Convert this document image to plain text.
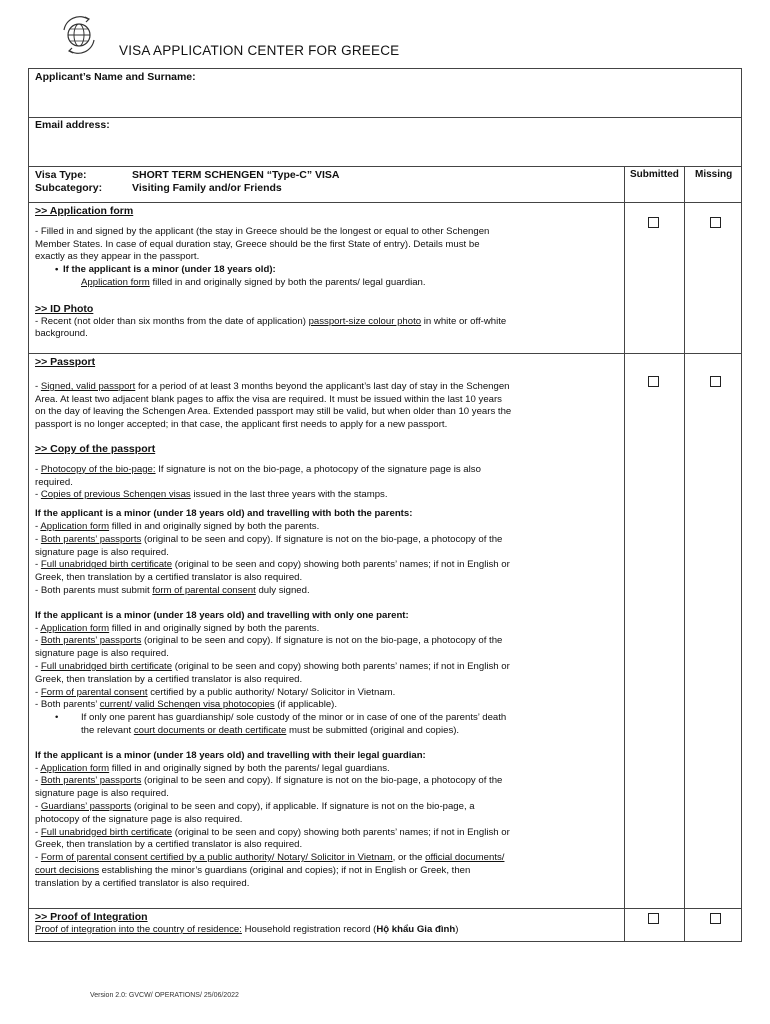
VISA APPLICATION CENTER FOR GREECE
Applicant’s Name and Surname:
Email address:
Visa Type:	SHORT TERM SCHENGEN “Type-C” VISA
Subcategory:	Visiting Family and/or Friends
Submitted Missing

>> Application form

- Filled in and signed by the applicant (the stay in Greece should be the longest or equal to other Schengen

Member States. In case of equal duration stay, Greece should be the first State of entry). Details must be

exactly as they appear in the passport.

• If the applicant is a minor (under 18 years old):

Application form filled in and originally signed by both the parents/ legal guardian.

>> ID Photo

- Recent (not older than six months from the date of application) passport-size colour photo in white or off-white

background.

>> Passport

- Signed, valid passport for a period of at least 3 months beyond the applicant’s last day of stay in the Schengen

Area. At least two adjacent blank pages to affix the visa are required. It must be issued within the last 10 years

on the day of leaving the Schengen Area. Extended passport may still be valid, but when older than 10 years the

passport is no longer accepted; in that case, the applicant first needs to apply for a new passport.

>> Copy of the passport

- Photocopy of the bio-page: If signature is not on the bio-page, a photocopy of the signature page is also

required.

- Copies of previous Schengen visas issued in the last three years with the stamps.

If the applicant is a minor (under 18 years old) and travelling with both the parents:

- Application form filled in and originally signed by both the parents.

- Both parents’ passports (original to be seen and copy). If signature is not on the bio-page, a photocopy of the

signature page is also required.

- Full unabridged birth certificate (original to be seen and copy) showing both parents’ names; if not in English or

Greek, then translation by a certified translator is also required.

- Both parents must submit form of parental consent duly signed.

If the applicant is a minor (under 18 years old) and travelling with only one parent:

- Application form filled in and originally signed by both the parents.

- Both parents’ passports (original to be seen and copy). If signature is not on the bio-page, a photocopy of the

signature page is also required.

- Full unabridged birth certificate (original to be seen and copy) showing both parents’ names; if not in English or

Greek, then translation by a certified translator is also required.

- Form of parental consent certified by a public authority/ Notary/ Solicitor in Vietnam.

- Both parents’ current/ valid Schengen visa photocopies (if applicable).

• If only one parent has guardianship/ sole custody of the minor or in case of one of the parents’ death

the relevant court documents or death certificate must be submitted (original and copies).

If the applicant is a minor (under 18 years old) and travelling with their legal guardian:

- Application form filled in and originally signed by both the parents/ legal guardians.

- Both parents’ passports (original to be seen and copy). If signature is not on the bio-page, a photocopy of the

signature page is also required.

- Guardians’ passports (original to be seen and copy), if applicable. If signature is not on the bio-page, a

photocopy of the signature page is also required.

- Full unabridged birth certificate (original to be seen and copy) showing both parents’ names; if not in English or

Greek, then translation by a certified translator is also required.

- Form of parental consent certified by a public authority/ Notary/ Solicitor in Vietnam, or the official documents/

court decisions establishing the minor’s guardians (original and copies); if not in English or Greek, then

translation by a certified translator is also required.

>> Proof of Integration

Proof of integration into the country of residence: Household registration record (Hộ khẩu Gia đình)

Version 2.0: GVCW/ OPERATIONS/ 25/06/2022
